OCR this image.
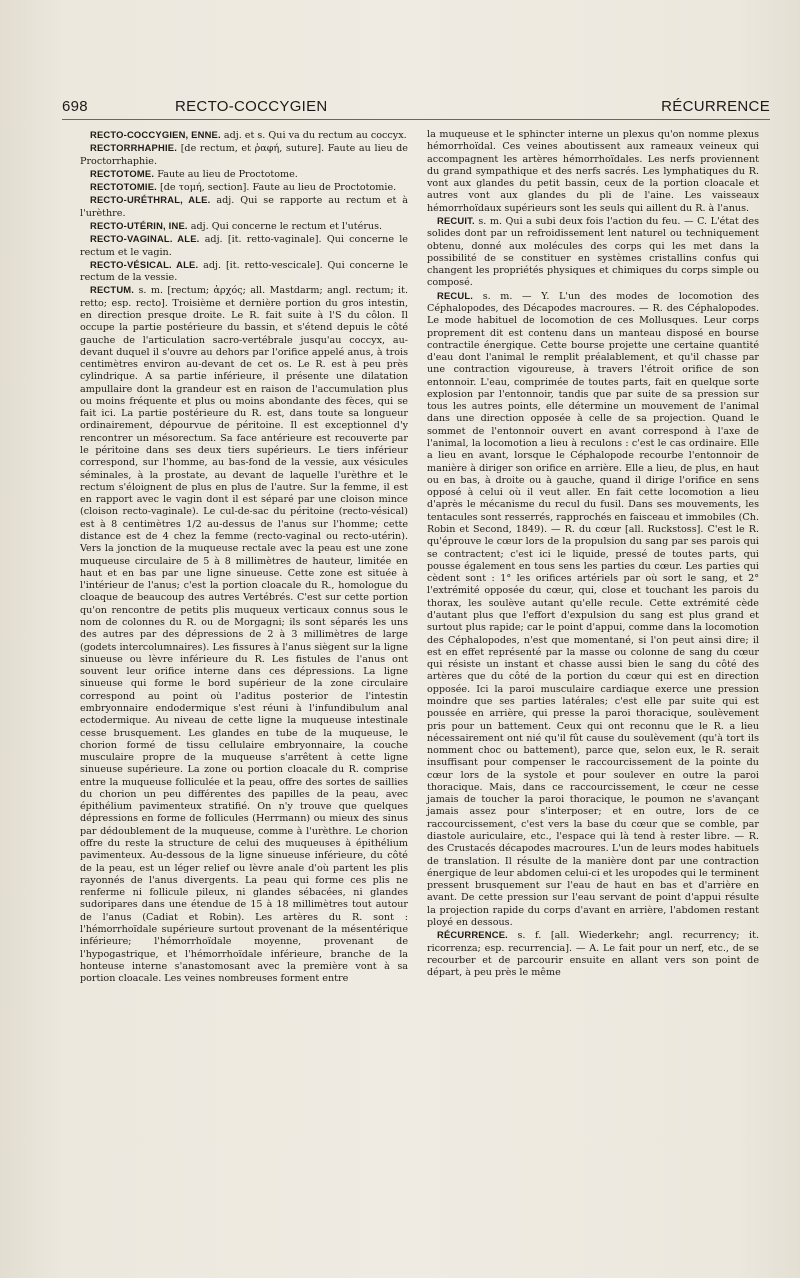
698	RECTO-COCCYGIEN	RÉCURRENCE

RECTO-COCCYGIEN, ENNE. adj. et s. Qui va du rectum au coccyx.

RECTORRHAPHIE. [de rectum, et ῥαφή, suture]. Faute au lieu de Proctorrhaphie.

RECTOTOME. Faute au lieu de Proctotome.

RECTOTOMIE. [de τομή, section]. Faute au lieu de Proctotomie.

RECTO-URÉTHRAL, ALE. adj. Qui se rapporte au rectum et à l'urèthre.

RECTO-UTÉRIN, INE. adj. Qui concerne le rectum et l'utérus.

RECTO-VAGINAL. ALE. adj. [it. retto-vaginale]. Qui concerne le rectum et le vagin.

RECTO-VÉSICAL. ALE. adj. [it. retto-vescicale]. Qui concerne le rectum de la vessie.

RECTUM. s. m. [rectum; ἀρχός; all. Mastdarm; angl. rectum; it. retto; esp. recto]. Troisième et dernière portion du gros intestin, en direction presque droite. Le R. fait suite à l'S du côlon. Il occupe la partie postérieure du bassin, et s'étend depuis le côté gauche de l'articulation sacro-vertébrale jusqu'au coccyx, au-devant duquel il s'ouvre au dehors par l'orifice appelé anus, à trois centimètres environ au-devant de cet os. Le R. est à peu près cylindrique. A sa partie inférieure, il présente une dilatation ampullaire dont la grandeur est en raison de l'accumulation plus ou moins fréquente et plus ou moins abondante des fèces, qui se fait ici. La partie postérieure du R. est, dans toute sa longueur ordinairement, dépourvue de péritoine. Il est exceptionnel d'y rencontrer un mésorectum. Sa face antérieure est recouverte par le péritoine dans ses deux tiers supérieurs. Le tiers inférieur correspond, sur l'homme, au bas-fond de la vessie, aux vésicules séminales, à la prostate, au devant de laquelle l'urèthre et le rectum s'éloignent de plus en plus de l'autre. Sur la femme, il est en rapport avec le vagin dont il est séparé par une cloison mince (cloison recto-vaginale). Le cul-de-sac du péritoine (recto-vésical) est à 8 centimètres 1/2 au-dessus de l'anus sur l'homme; cette distance est de 4 chez la femme (recto-vaginal ou recto-utérin). Vers la jonction de la muqueuse rectale avec la peau est une zone muqueuse circulaire de 5 à 8 millimètres de hauteur, limitée en haut et en bas par une ligne sinueuse. Cette zone est située à l'intérieur de l'anus; c'est la portion cloacale du R., homologue du cloaque de beaucoup des autres Vertébrés. C'est sur cette portion qu'on rencontre de petits plis muqueux verticaux connus sous le nom de colonnes du R. ou de Morgagni; ils sont séparés les uns des autres par des dépressions de 2 à 3 millimètres de large (godets intercolumnaires). Les fissures à l'anus siègent sur la ligne sinueuse ou lèvre inférieure du R. Les fistules de l'anus ont souvent leur orifice interne dans ces dépressions. La ligne sinueuse qui forme le bord supérieur de la zone circulaire correspond au point où l'aditus posterior de l'intestin embryonnaire endodermique s'est réuni à l'infundibulum anal ectodermique. Au niveau de cette ligne la muqueuse intestinale cesse brusquement. Les glandes en tube de la muqueuse, le chorion formé de tissu cellulaire embryonnaire, la couche musculaire propre de la muqueuse s'arrêtent à cette ligne sinueuse supérieure. La zone ou portion cloacale du R. comprise entre la muqueuse folliculée et la peau, offre des sortes de saillies du chorion un peu différentes des papilles de la peau, avec épithélium pavimenteux stratifié. On n'y trouve que quelques dépressions en forme de follicules (Herrmann) ou mieux des sinus par dédoublement de la muqueuse, comme à l'urèthre. Le chorion offre du reste la structure de celui des muqueuses à épithélium pavimenteux. Au-dessous de la ligne sinueuse inférieure, du côté de la peau, est un léger relief ou lèvre anale d'où partent les plis rayonnés de l'anus divergents. La peau qui forme ces plis ne renferme ni follicule pileux, ni glandes sébacées, ni glandes sudoripares dans une étendue de 15 à 18 millimètres tout autour de l'anus (Cadiat et Robin). Les artères du R. sont : l'hémorrhoïdale supérieure surtout provenant de la mésentérique inférieure; l'hémorrhoïdale moyenne, provenant de l'hypogastrique, et l'hémorrhoïdale inférieure, branche de la honteuse interne s'anastomosant avec la première vont à sa portion cloacale. Les veines nombreuses forment entre

la muqueuse et le sphincter interne un plexus qu'on nomme plexus hémorrhoïdal. Ces veines aboutissent aux rameaux veineux qui accompagnent les artères hémorrhoïdales. Les nerfs proviennent du grand sympathique et des nerfs sacrés. Les lymphatiques du R. vont aux glandes du petit bassin, ceux de la portion cloacale et autres vont aux glandes du pli de l'aine. Les vaisseaux hémorrhoïdaux supérieurs sont les seuls qui aillent du R. à l'anus.

RECUIT. s. m. Qui a subi deux fois l'action du feu. — C. L'état des solides dont par un refroidissement lent naturel ou techniquement obtenu, donné aux molécules des corps qui les met dans la possibilité de se constituer en systèmes cristallins confus qui changent les propriétés physiques et chimiques du corps simple ou composé.

RECUL. s. m. — Y. L'un des modes de locomotion des Céphalopodes, des Décapodes macroures. — R. des Céphalopodes. Le mode habituel de locomotion de ces Mollusques. Leur corps proprement dit est contenu dans un manteau disposé en bourse contractile énergique. Cette bourse projette une certaine quantité d'eau dont l'animal le remplit préalablement, et qu'il chasse par une contraction vigoureuse, à travers l'étroit orifice de son entonnoir. L'eau, comprimée de toutes parts, fait en quelque sorte explosion par l'entonnoir, tandis que par suite de sa pression sur tous les autres points, elle détermine un mouvement de l'animal dans une direction opposée à celle de sa projection. Quand le sommet de l'entonnoir ouvert en avant correspond à l'axe de l'animal, la locomotion a lieu à reculons : c'est le cas ordinaire. Elle a lieu en avant, lorsque le Céphalopode recourbe l'entonnoir de manière à diriger son orifice en arrière. Elle a lieu, de plus, en haut ou en bas, à droite ou à gauche, quand il dirige l'orifice en sens opposé à celui où il veut aller. En fait cette locomotion a lieu d'après le mécanisme du recul du fusil. Dans ses mouvements, les tentacules sont resserrés, rapprochés en faisceau et immobiles (Ch. Robin et Second, 1849). — R. du cœur [all. Ruckstoss]. C'est le R. qu'éprouve le cœur lors de la propulsion du sang par ses parois qui se contractent; c'est ici le liquide, pressé de toutes parts, qui pousse également en tous sens les parties du cœur. Les parties qui cèdent sont : 1° les orifices artériels par où sort le sang, et 2° l'extrémité opposée du cœur, qui, close et touchant les parois du thorax, les soulève autant qu'elle recule. Cette extrémité cède d'autant plus que l'effort d'expulsion du sang est plus grand et surtout plus rapide; car le point d'appui, comme dans la locomotion des Céphalopodes, n'est que momentané, si l'on peut ainsi dire; il est en effet représenté par la masse ou colonne de sang du cœur qui résiste un instant et chasse aussi bien le sang du côté des artères que du côté de la portion du cœur qui est en direction opposée. Ici la paroi musculaire cardiaque exerce une pression moindre que ses parties latérales; c'est elle par suite qui est poussée en arrière, qui presse la paroi thoracique, soulèvement pris pour un battement. Ceux qui ont reconnu que le R. a lieu nécessairement ont nié qu'il fût cause du soulèvement (qu'à tort ils nomment choc ou battement), parce que, selon eux, le R. serait insuffisant pour compenser le raccourcissement de la pointe du cœur lors de la systole et pour soulever en outre la paroi thoracique. Mais, dans ce raccourcissement, le cœur ne cesse jamais de toucher la paroi thoracique, le poumon ne s'avançant jamais assez pour s'interposer; et en outre, lors de ce raccourcissement, c'est vers la base du cœur que se comble, par diastole auriculaire, etc., l'espace qui là tend à rester libre. — R. des Crustacés décapodes macroures. L'un de leurs modes habituels de translation. Il résulte de la manière dont par une contraction énergique de leur abdomen celui-ci et les uropodes qui le terminent pressent brusquement sur l'eau de haut en bas et d'arrière en avant. De cette pression sur l'eau servant de point d'appui résulte la projection rapide du corps d'avant en arrière, l'abdomen restant ployé en dessous.

RÉCURRENCE. s. f. [all. Wiederkehr; angl. recurrency; it. ricorrenza; esp. recurrencia]. — A. Le fait pour un nerf, etc., de se recourber et de parcourir ensuite en allant vers son point de départ, à peu près le même
